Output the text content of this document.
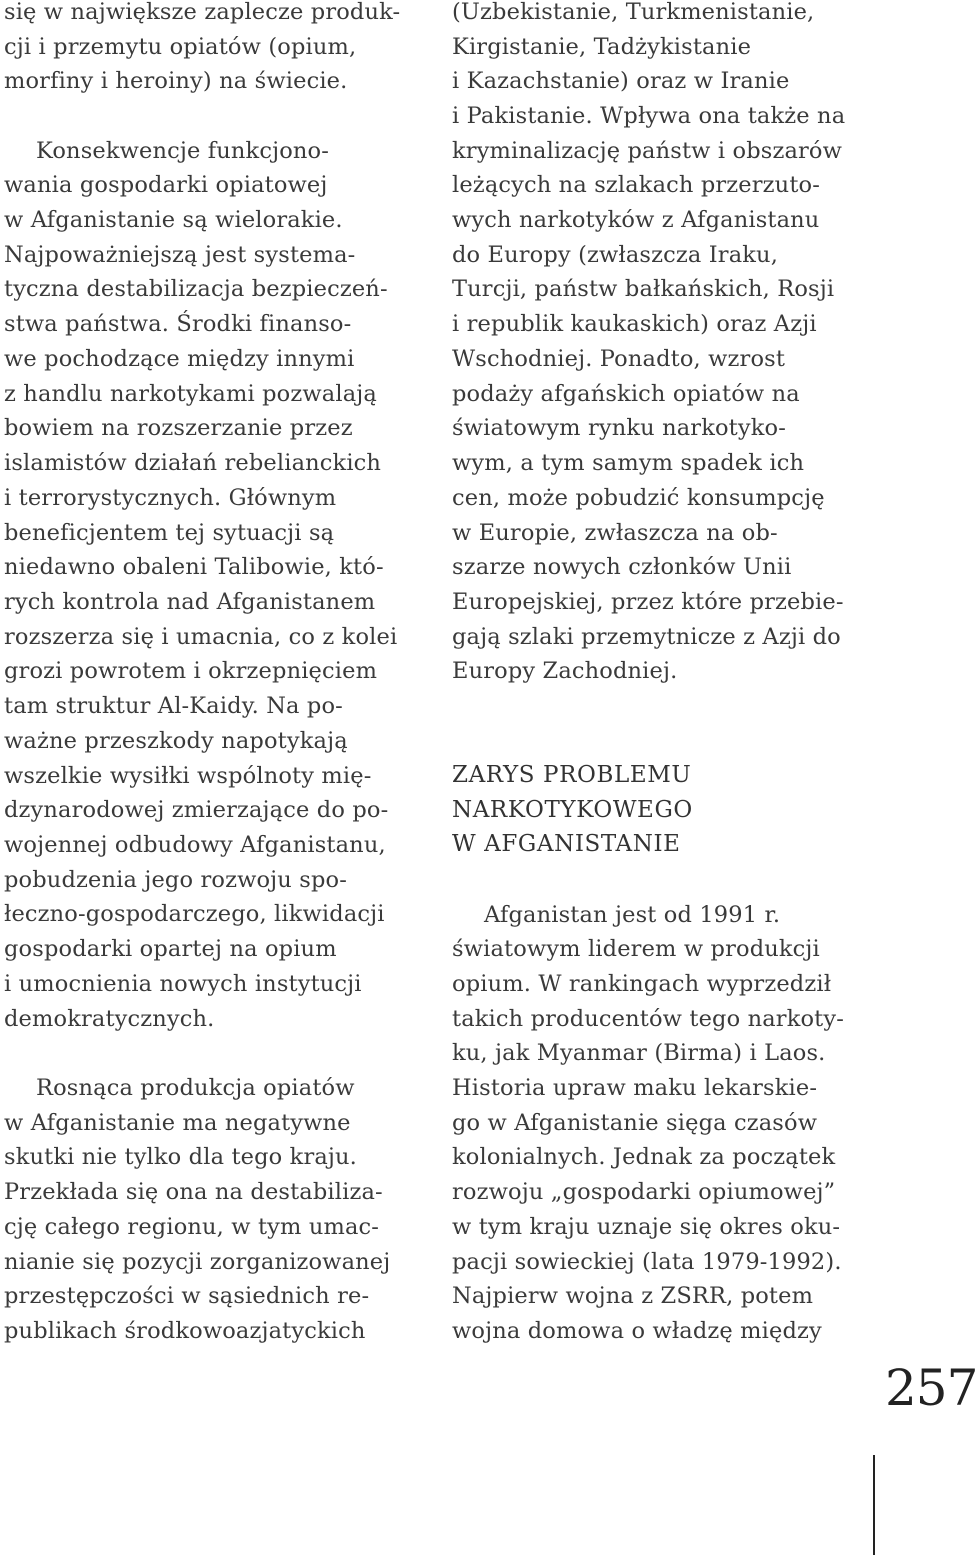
się w największe zaplecze produk-
cji i przemytu opiatów (opium,
morfiny i heroiny) na świecie.
Konsekwencje funkcjono-
wania gospodarki opiatowej
w Afganistanie są wielorakie.
Najpoważniejszą jest systema-
tyczna destabilizacja bezpieczeń-
stwa państwa. Środki finanso-
we pochodzące między innymi
z handlu narkotykami pozwalają
bowiem na rozszerzanie przez
islamistów działań rebelianckich
i terrorystycznych. Głównym
beneficjentem tej sytuacji są
niedawno obaleni Talibowie, któ-
rych kontrola nad Afganistanem
rozszerza się i umacnia, co z kolei
grozi powrotem i okrzepnięciem
tam struktur Al-Kaidy. Na po-
ważne przeszkody napotykają
wszelkie wysiłki wspólnoty mię-
dzynarodowej zmierzające do po-
wojennej odbudowy Afganistanu,
pobudzenia jego rozwoju spo-
łeczno-gospodarczego, likwidacji
gospodarki opartej na opium
i umocnienia nowych instytucji
demokratycznych.
Rosnąca produkcja opiatów
w Afganistanie ma negatywne
skutki nie tylko dla tego kraju.
Przekłada się ona na destabiliza-
cję całego regionu, w tym umac-
nianie się pozycji zorganizowanej
przestępczości w sąsiednich re-
publikach środkowoazjatyckich
(Uzbekistanie, Turkmenistanie,
Kirgistanie, Tadżykistanie
i Kazachstanie) oraz w Iranie
i Pakistanie. Wpływa ona także na
kryminalizację państw i obszarów
leżących na szlakach przerzuto-
wych narkotyków z Afganistanu
do Europy (zwłaszcza Iraku,
Turcji, państw bałkańskich, Rosji
i republik kaukaskich) oraz Azji
Wschodniej. Ponadto, wzrost
podaży afgańskich opiatów na
światowym rynku narkotyko-
wym, a tym samym spadek ich
cen, może pobudzić konsumpcję
w Europie, zwłaszcza na ob-
szarze nowych członków Unii
Europejskiej, przez które przebie-
gają szlaki przemytnicze z Azji do
Europy Zachodniej.
ZARYS PROBLEMU
NARKOTYKOWEGO
W AFGANISTANIE
Afganistan jest od 1991 r.
światowym liderem w produkcji
opium. W rankingach wyprzedził
takich producentów tego narkoty-
ku, jak Myanmar (Birma) i Laos.
Historia upraw maku lekarskie-
go w Afganistanie sięga czasów
kolonialnych. Jednak za początek
rozwoju „gospodarki opiumowej”
w tym kraju uznaje się okres oku-
pacji sowieckiej (lata 1979-1992).
Najpierw wojna z ZSRR, potem
wojna domowa o władzę między
257
